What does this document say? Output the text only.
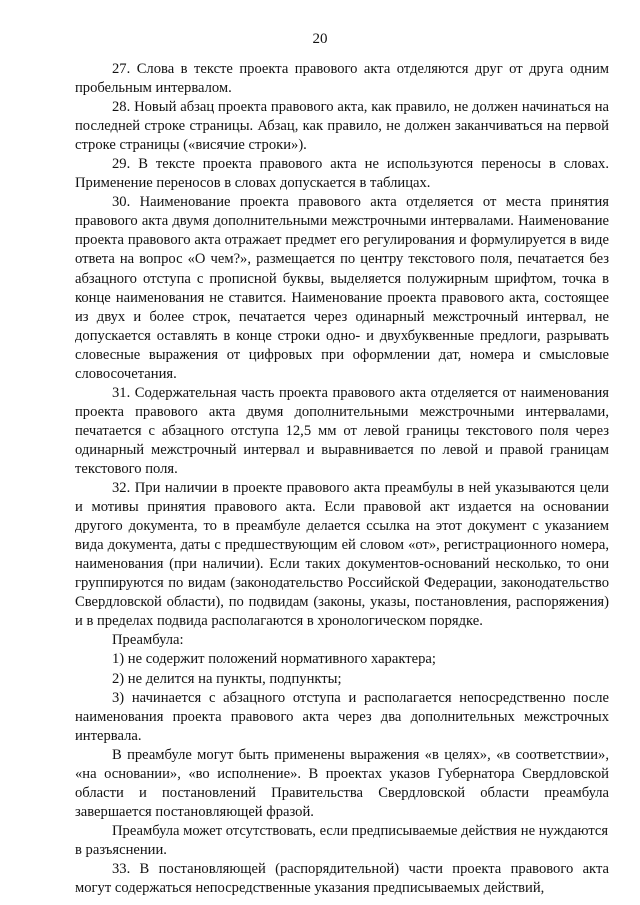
20

27. Слова в тексте проекта правового акта отделяются друг от друга одним пробельным интервалом.

28. Новый абзац проекта правового акта, как правило, не должен начинаться на последней строке страницы. Абзац, как правило, не должен заканчиваться на первой строке страницы («висячие строки»).

29. В тексте проекта правового акта не используются переносы в словах. Применение переносов в словах допускается в таблицах.

30. Наименование проекта правового акта отделяется от места принятия правового акта двумя дополнительными межстрочными интервалами. Наименование проекта правового акта отражает предмет его регулирования и формулируется в виде ответа на вопрос «О чем?», размещается по центру текстового поля, печатается без абзацного отступа с прописной буквы, выделяется полужирным шрифтом, точка в конце наименования не ставится. Наименование проекта правового акта, состоящее из двух и более строк, печатается через одинарный межстрочный интервал, не допускается оставлять в конце строки одно- и двухбуквенные предлоги, разрывать словесные выражения от цифровых при оформлении дат, номера и смысловые словосочетания.

31. Содержательная часть проекта правового акта отделяется от наименования проекта правового акта двумя дополнительными межстрочными интервалами, печатается с абзацного отступа 12,5 мм от левой границы текстового поля через одинарный межстрочный интервал и выравнивается по левой и правой границам текстового поля.

32. При наличии в проекте правового акта преамбулы в ней указываются цели и мотивы принятия правового акта. Если правовой акт издается на основании другого документа, то в преамбуле делается ссылка на этот документ с указанием вида документа, даты с предшествующим ей словом «от», регистрационного номера, наименования (при наличии). Если таких документов-оснований несколько, то они группируются по видам (законодательство Российской Федерации, законодательство Свердловской области), по подвидам (законы, указы, постановления, распоряжения) и в пределах подвида располагаются в хронологическом порядке.

Преамбула:

1) не содержит положений нормативного характера;

2) не делится на пункты, подпункты;

3) начинается с абзацного отступа и располагается непосредственно после наименования проекта правового акта через два дополнительных межстрочных интервала.

В преамбуле могут быть применены выражения «в целях», «в соответствии», «на основании», «во исполнение». В проектах указов Губернатора Свердловской области и постановлений Правительства Свердловской области преамбула завершается постановляющей фразой.

Преамбула может отсутствовать, если предписываемые действия не нуждаются в разъяснении.

33. В постановляющей (распорядительной) части проекта правового акта могут содержаться непосредственные указания предписываемых действий,
